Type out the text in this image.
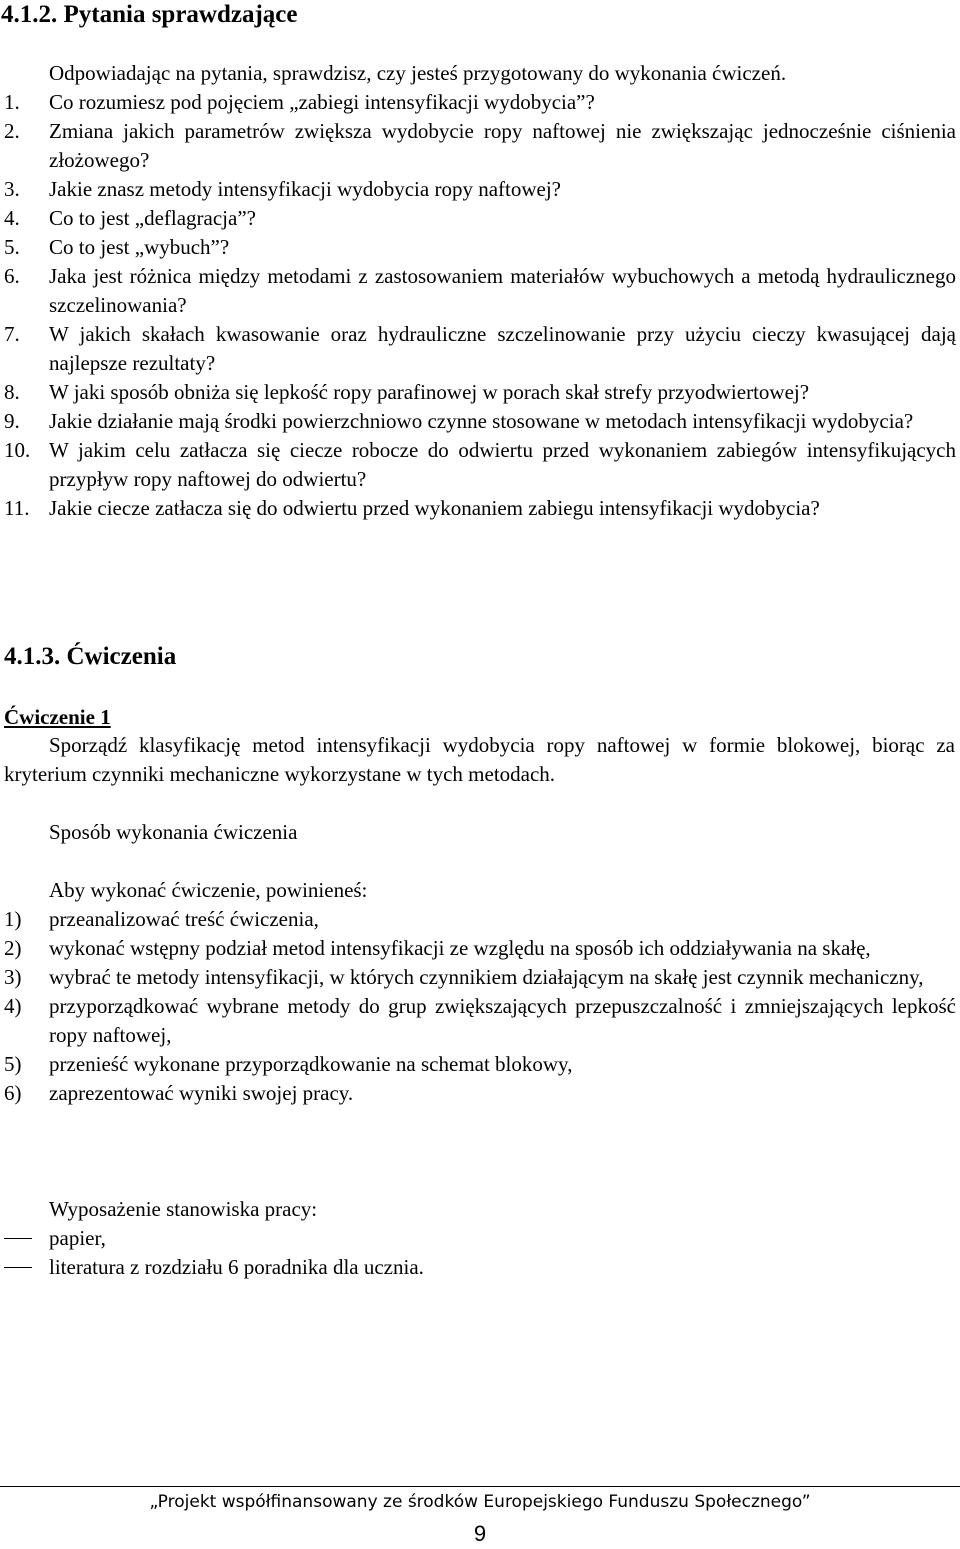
4.1.2. Pytania sprawdzające
Odpowiadając na pytania, sprawdzisz, czy jesteś przygotowany do wykonania ćwiczeń.
1. Co rozumiesz pod pojęciem „zabiegi intensyfikacji wydobycia”?
2. Zmiana jakich parametrów zwiększa wydobycie ropy naftowej nie zwiększając jednocześnie ciśnienia złożowego?
3. Jakie znasz metody intensyfikacji wydobycia ropy naftowej?
4. Co to jest „deflagracja”?
5. Co to jest „wybuch”?
6. Jaka jest różnica między metodami z zastosowaniem materiałów wybuchowych a metodą hydraulicznego szczelinowania?
7. W jakich skałach kwasowanie oraz hydrauliczne szczelinowanie przy użyciu cieczy kwasującej dają najlepsze rezultaty?
8. W jaki sposób obniża się lepkość ropy parafinowej w porach skał strefy przyodwiertowej?
9. Jakie działanie mają środki powierzchniowo czynne stosowane w metodach intensyfikacji wydobycia?
10. W jakim celu zatłacza się ciecze robocze do odwiertu przed wykonaniem zabiegów intensyfikujących przypływ ropy naftowej do odwiertu?
11. Jakie ciecze zatłacza się do odwiertu przed wykonaniem zabiegu intensyfikacji wydobycia?
4.1.3. Ćwiczenia
Ćwiczenie 1
Sporządź klasyfikację metod intensyfikacji wydobycia ropy naftowej w formie blokowej, biorąc za kryterium czynniki mechaniczne wykorzystane w tych metodach.
Sposób wykonania ćwiczenia
Aby wykonać ćwiczenie, powinieneś:
1) przeanalizować treść ćwiczenia,
2) wykonać wstępny podział metod intensyfikacji ze względu na sposób ich oddziaływania na skałę,
3) wybrać te metody intensyfikacji, w których czynnikiem działającym na skałę jest czynnik mechaniczny,
4) przyporządkować wybrane metody do grup zwiększających przepuszczalność i zmniejszających lepkość ropy naftowej,
5) przenieść wykonane przyporządkowanie na schemat blokowy,
6) zaprezentować wyniki swojej pracy.
Wyposażenie stanowiska pracy:
papier,
literatura z rozdziału 6 poradnika dla ucznia.
„Projekt współfinansowany ze środków Europejskiego Funduszu Społecznego”
9
